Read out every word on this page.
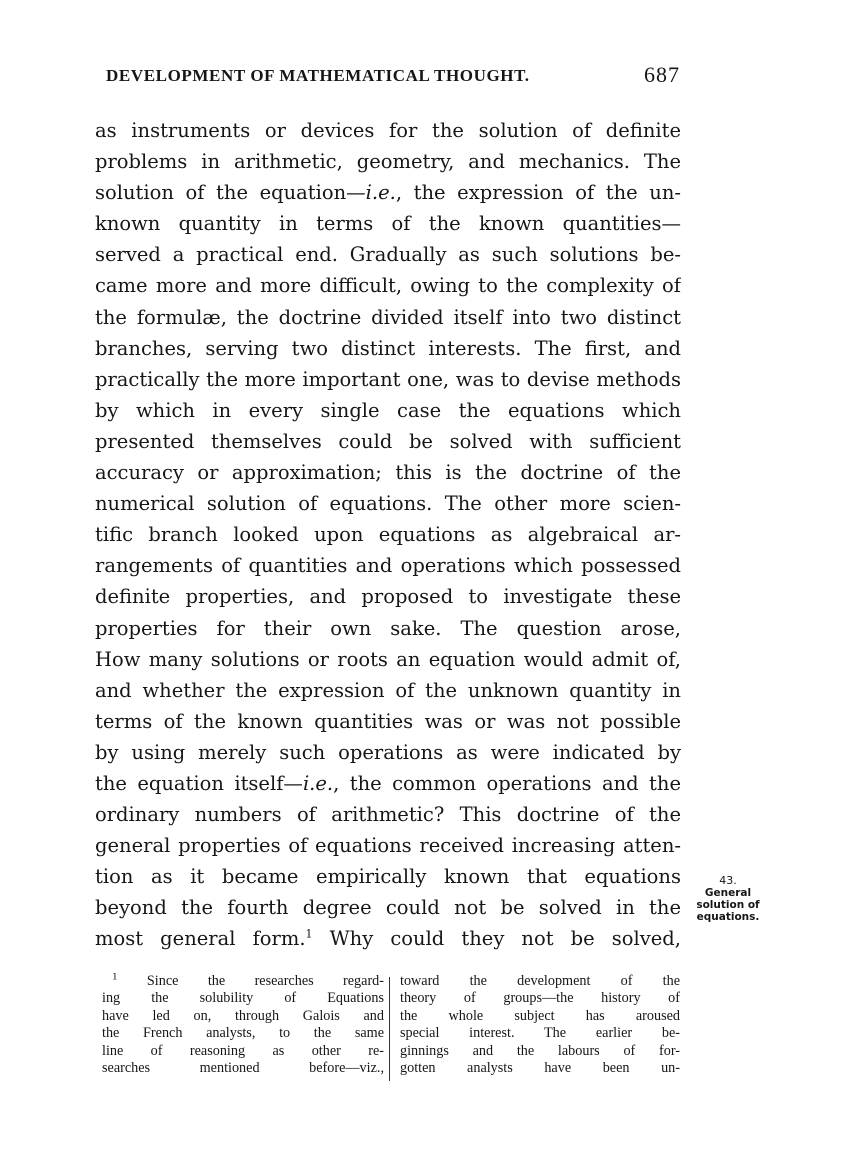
DEVELOPMENT OF MATHEMATICAL THOUGHT.	687
as instruments or devices for the solution of definite
problems in arithmetic, geometry, and mechanics. The
solution of the equation—i.e., the expression of the un-
known quantity in terms of the known quantities—
served a practical end. Gradually as such solutions be-
came more and more difficult, owing to the complexity of
the formulæ, the doctrine divided itself into two distinct
branches, serving two distinct interests. The first, and
practically the more important one, was to devise methods
by which in every single case the equations which
presented themselves could be solved with sufficient
accuracy or approximation; this is the doctrine of the
numerical solution of equations. The other more scien-
tific branch looked upon equations as algebraical ar-
rangements of quantities and operations which possessed
definite properties, and proposed to investigate these
properties for their own sake. The question arose,
How many solutions or roots an equation would admit of,
and whether the expression of the unknown quantity in
terms of the known quantities was or was not possible
by using merely such operations as were indicated by
the equation itself—i.e., the common operations and the
ordinary numbers of arithmetic? This doctrine of the
general properties of equations received increasing atten-
tion as it became empirically known that equations
beyond the fourth degree could not be solved in the
most general form.$^1$ Why could they not be solved,
43.
General
solution of
equations.
$^1$ Since the researches regard-
ing the solubility of Equations
have led on, through Galois and
the French analysts, to the same
line of reasoning as other re-
searches mentioned before—viz.,
toward the development of the
theory of groups—the history of
the whole subject has aroused
special interest. The earlier be-
ginnings and the labours of for-
gotten analysts have been un-
